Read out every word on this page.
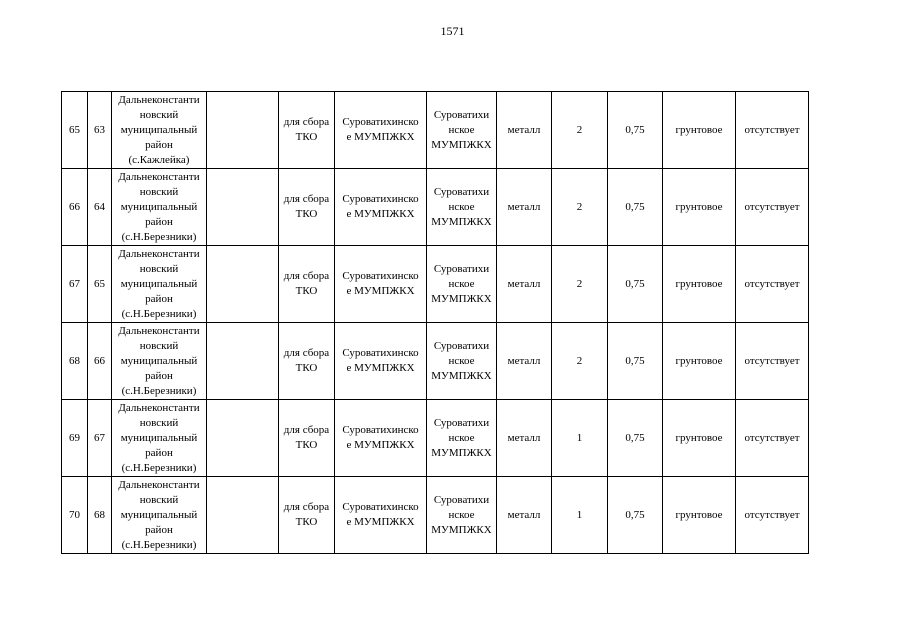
1571
65	63	Дальнеконстанти
новский
муниципальный
район
(с.Кажлейка)		для сбора
ТКО	Суроватихинско
е МУМПЖКХ	Суроватихи
нское
МУМПЖКХ	металл	2	0,75	грунтовое	отсутствует
66	64	Дальнеконстанти
новский
муниципальный
район
(с.Н.Березники)		для сбора
ТКО	Суроватихинско
е МУМПЖКХ	Суроватихи
нское
МУМПЖКХ	металл	2	0,75	грунтовое	отсутствует
67	65	Дальнеконстанти
новский
муниципальный
район
(с.Н.Березники)		для сбора
ТКО	Суроватихинско
е МУМПЖКХ	Суроватихи
нское
МУМПЖКХ	металл	2	0,75	грунтовое	отсутствует
68	66	Дальнеконстанти
новский
муниципальный
район
(с.Н.Березники)		для сбора
ТКО	Суроватихинско
е МУМПЖКХ	Суроватихи
нское
МУМПЖКХ	металл	2	0,75	грунтовое	отсутствует
69	67	Дальнеконстанти
новский
муниципальный
район
(с.Н.Березники)		для сбора
ТКО	Суроватихинско
е МУМПЖКХ	Суроватихи
нское
МУМПЖКХ	металл	1	0,75	грунтовое	отсутствует
70	68	Дальнеконстанти
новский
муниципальный
район
(с.Н.Березники)		для сбора
ТКО	Суроватихинско
е МУМПЖКХ	Суроватихи
нское
МУМПЖКХ	металл	1	0,75	грунтовое	отсутствует
